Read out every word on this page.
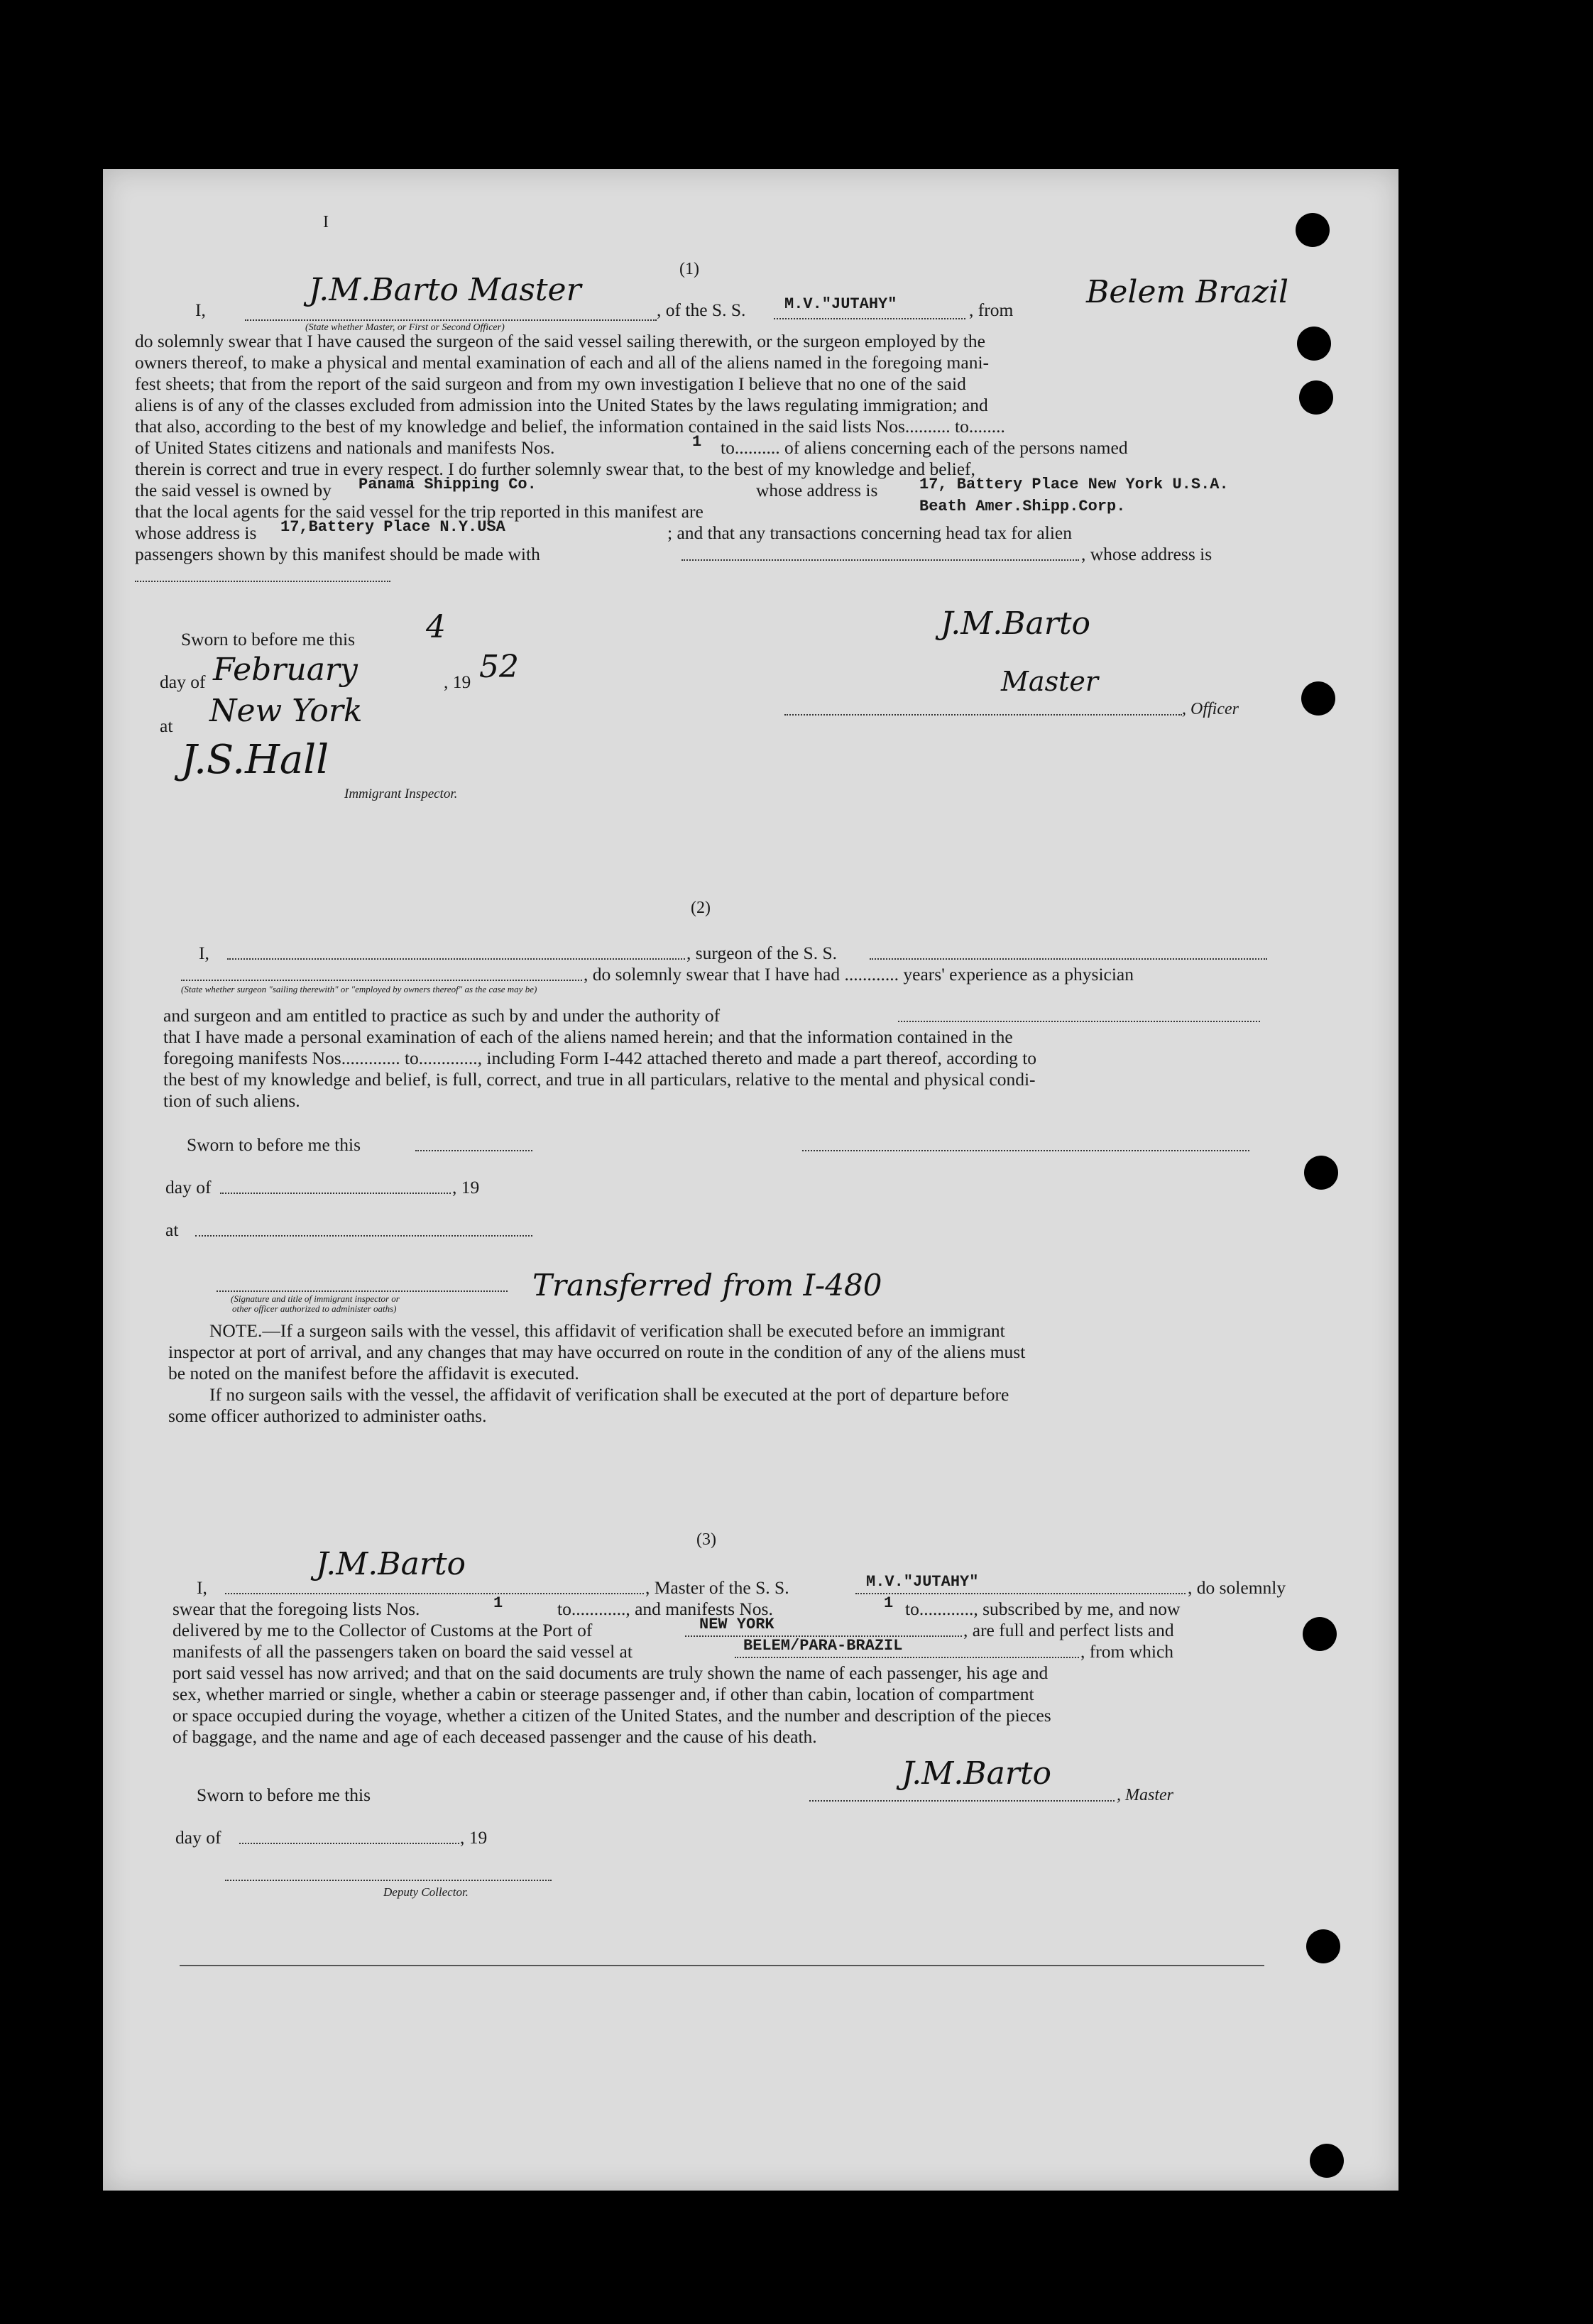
I
(1)
I,
J.M.Barto Master
(State whether Master, or First or Second Officer)
, of the S. S. M.V."JUTAHY"	, from Belem Brazil
do solemnly swear that I have caused the surgeon of the said vessel sailing therewith, or the surgeon employed by the
owners thereof, to make a physical and mental examination of each and all of the aliens named in the foregoing mani-
fest sheets; that from the report of the said surgeon and from my own investigation I believe that no one of the said
aliens is of any of the classes excluded from admission into the United States by the laws regulating immigration; and
that also, according to the best of my knowledge and belief, the information contained in the said lists Nos.......... to........
of United States citizens and nationals and manifests Nos.	1 to.......... of aliens concerning each of the persons named
therein is correct and true in every respect. I do further solemnly swear that, to the best of my knowledge and belief,
the said vessel is owned by Panama Shipping Co.	whose address is	17, Battery Place New York U.S.A.
that the local agents for the said vessel for the trip reported in this manifest are	Beath Amer.Shipp.Corp.
whose address is 17,Battery Place N.Y.USA	; and that any transactions concerning head tax for alien
passengers shown by this manifest should be made with	, whose address is
Sworn to before me this 4
day of February	, 19 52
at New York
J.S.Hall
Immigrant Inspector.
J.M.Barto
Master
, Officer
(2)
I,	, surgeon of the S. S.
, do solemnly swear that I have had ............ years' experience as a physician
(State whether surgeon "sailing therewith" or "employed by owners thereof" as the case may be)
and surgeon and am entitled to practice as such by and under the authority of
that I have made a personal examination of each of the aliens named herein; and that the information contained in the
foregoing manifests Nos............. to............., including Form I-442 attached thereto and made a part thereof, according to
the best of my knowledge and belief, is full, correct, and true in all particulars, relative to the mental and physical condi-
tion of such aliens.
Sworn to before me this
day of	, 19
at
(Signature and title of immigrant inspector or
other officer authorized to administer oaths)
Transferred from I-480
NOTE.—If a surgeon sails with the vessel, this affidavit of verification shall be executed before an immigrant
inspector at port of arrival, and any changes that may have occurred on route in the condition of any of the aliens must
be noted on the manifest before the affidavit is executed.
If no surgeon sails with the vessel, the affidavit of verification shall be executed at the port of departure before
some officer authorized to administer oaths.
(3)
I,
J.M.Barto
, Master of the S. S.	M.V."JUTAHY"	, do solemnly
swear that the foregoing lists Nos.	1	to............, and manifests Nos.	1 to............, subscribed by me, and now
delivered by me to the Collector of Customs at the Port of	NEW YORK	, are full and perfect lists and
manifests of all the passengers taken on board the said vessel at	BELEM/PARA-BRAZIL	, from which
port said vessel has now arrived; and that on the said documents are truly shown the name of each passenger, his age and
sex, whether married or single, whether a cabin or steerage passenger and, if other than cabin, location of compartment
or space occupied during the voyage, whether a citizen of the United States, and the number and description of the pieces
of baggage, and the name and age of each deceased passenger and the cause of his death.
Sworn to before me this
J.M.Barto
, Master
day of	, 19
Deputy Collector.
